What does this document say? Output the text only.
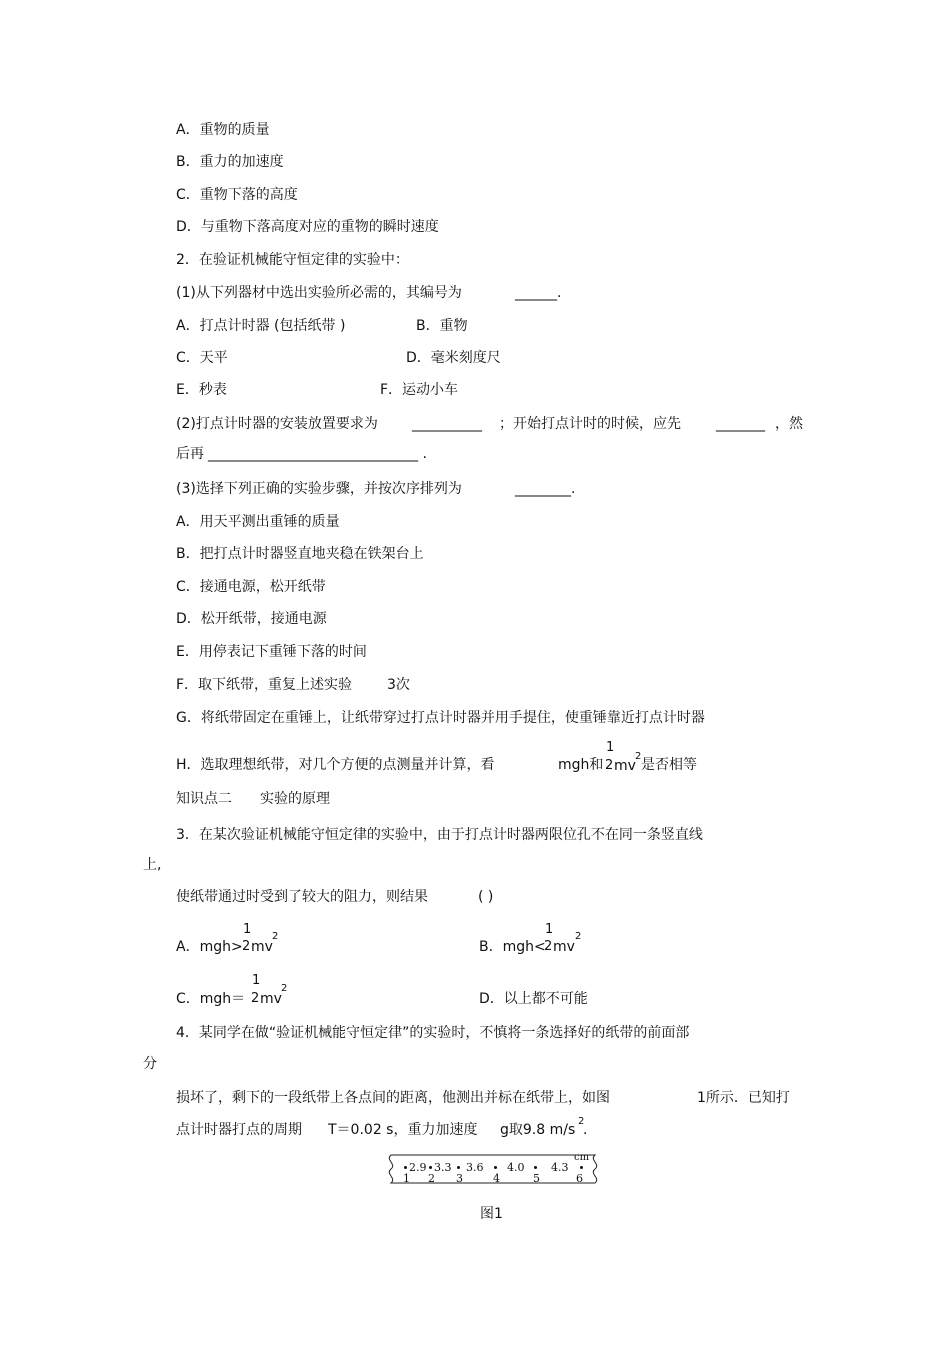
A．重物的质量
B．重力的加速度
C．重物下落的高度
D．与重物下落高度对应的重物的瞬时速度
2．在验证机械能守恒定律的实验中：
(1)从下列器材中选出实验所必需的，其编号为	______.
A．打点计时器 (包括纸带 )	B．重物
C．天平	D．毫米刻度尺
E．秒表	F．运动小车
(2)打点计时器的安装放置要求为 __________ ；开始打点计时的时候，应先	_______ ，然
后再 ______________________________ .
(3)选择下列正确的实验步骤，并按次序排列为	________.
A．用天平测出重锤的质量
B．把打点计时器竖直地夹稳在铁架台上
C．接通电源，松开纸带
D．松开纸带，接通电源
E．用停表记下重锤下落的时间
F．取下纸带，重复上述实验 3次
G．将纸带固定在重锤上，让纸带穿过打点计时器并用手提住，使重锤靠近打点计时器
H．选取理想纸带，对几个方便的点测量并计算，看	mgh和
1
2 mv
2
是否相等
知识点二 实验的原理
3．在某次验证机械能守恒定律的实验中，由于打点计时器两限位孔不在同一条竖直线
上,
使纸带通过时受到了较大的阻力，则结果	( )
A．mgh>
1
2 mv
2
B．mgh<
1
2 mv
2
C．mgh＝
1
2 mv
2
D．以上都不可能
4．某同学在做“验证机械能守恒定律”的实验时，不慎将一条选择好的纸带的前面部
分
损坏了，剩下的一段纸带上各点间的距离，他测出并标在纸带上，如图	1所示．已知打
点计时器打点的周期 T＝0.02 s，重力加速度 g取9.8 m/s
2
.
2.9 3.3 3.6 4.0 4.3
cm
1 2 3	4	5	6
图1
